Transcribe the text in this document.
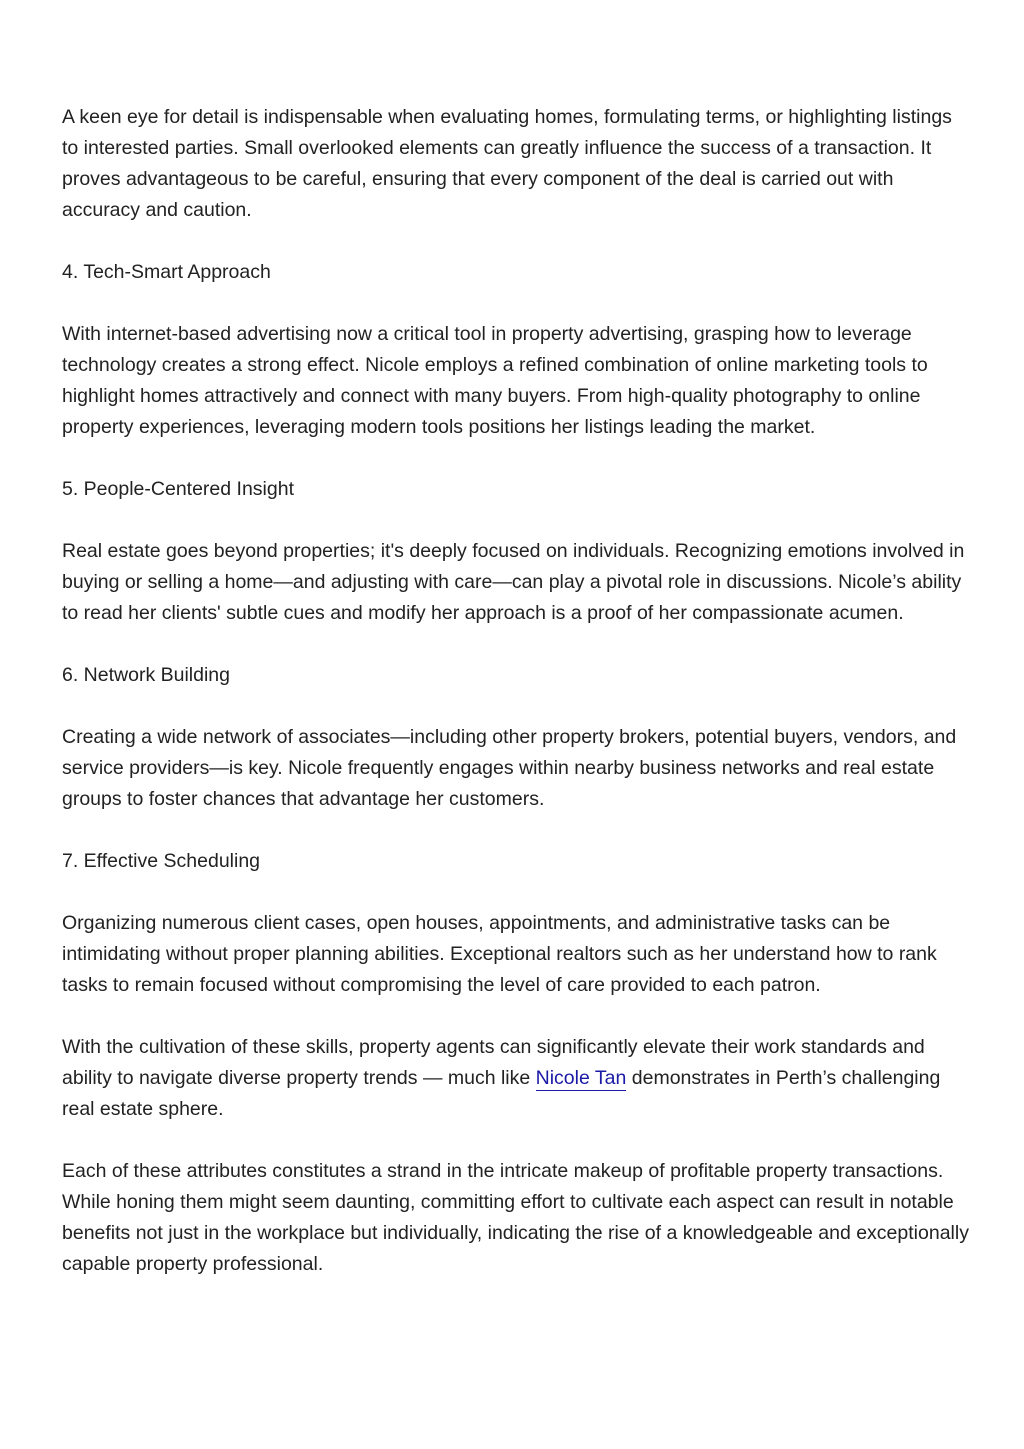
A keen eye for detail is indispensable when evaluating homes, formulating terms, or highlighting listings to interested parties. Small overlooked elements can greatly influence the success of a transaction. It proves advantageous to be careful, ensuring that every component of the deal is carried out with accuracy and caution.

4. Tech-Smart Approach

With internet-based advertising now a critical tool in property advertising, grasping how to leverage technology creates a strong effect. Nicole employs a refined combination of online marketing tools to highlight homes attractively and connect with many buyers. From high-quality photography to online property experiences, leveraging modern tools positions her listings leading the market.

5. People-Centered Insight

Real estate goes beyond properties; it's deeply focused on individuals. Recognizing emotions involved in buying or selling a home—and adjusting with care—can play a pivotal role in discussions. Nicole’s ability to read her clients' subtle cues and modify her approach is a proof of her compassionate acumen.

6. Network Building

Creating a wide network of associates—including other property brokers, potential buyers, vendors, and service providers—is key. Nicole frequently engages within nearby business networks and real estate groups to foster chances that advantage her customers.

7. Effective Scheduling

Organizing numerous client cases, open houses, appointments, and administrative tasks can be intimidating without proper planning abilities. Exceptional realtors such as her understand how to rank tasks to remain focused without compromising the level of care provided to each patron.

With the cultivation of these skills, property agents can significantly elevate their work standards and ability to navigate diverse property trends — much like Nicole Tan demonstrates in Perth’s challenging real estate sphere.

Each of these attributes constitutes a strand in the intricate makeup of profitable property transactions. While honing them might seem daunting, committing effort to cultivate each aspect can result in notable benefits not just in the workplace but individually, indicating the rise of a knowledgeable and exceptionally capable property professional.
